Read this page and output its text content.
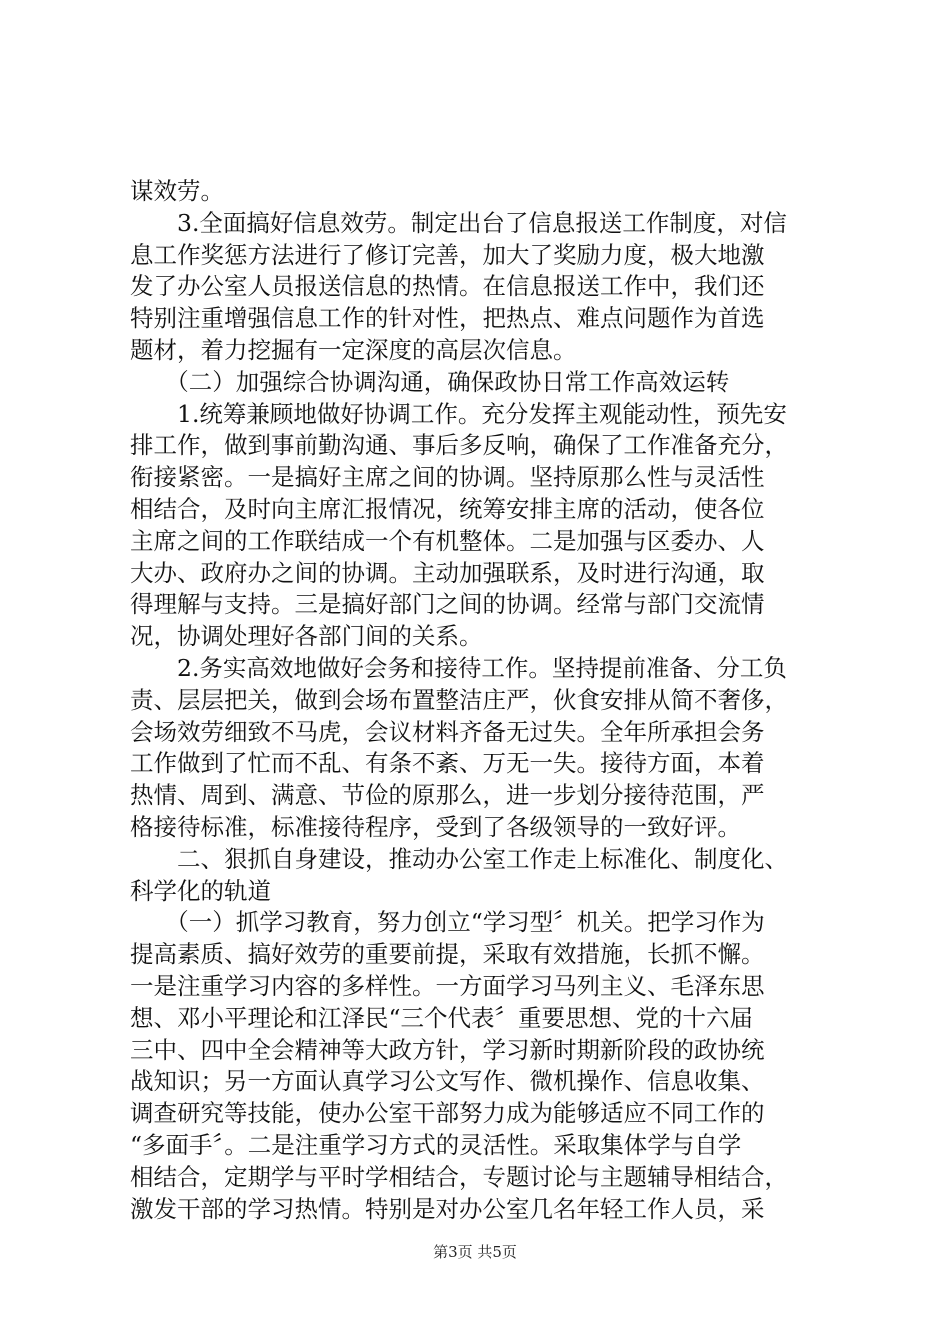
谋效劳。
　　3.全面搞好信息效劳。制定出台了信息报送工作制度，对信
息工作奖惩方法进行了修订完善，加大了奖励力度，极大地激
发了办公室人员报送信息的热情。在信息报送工作中，我们还
特别注重增强信息工作的针对性，把热点、难点问题作为首选
题材，着力挖掘有一定深度的高层次信息。
　　（二）加强综合协调沟通，确保政协日常工作高效运转
　　1.统筹兼顾地做好协调工作。充分发挥主观能动性，预先安
排工作，做到事前勤沟通、事后多反响，确保了工作准备充分，
衔接紧密。一是搞好主席之间的协调。坚持原那么性与灵活性
相结合，及时向主席汇报情况，统筹安排主席的活动，使各位
主席之间的工作联结成一个有机整体。二是加强与区委办、人
大办、政府办之间的协调。主动加强联系，及时进行沟通，取
得理解与支持。三是搞好部门之间的协调。经常与部门交流情
况，协调处理好各部门间的关系。
　　2.务实高效地做好会务和接待工作。坚持提前准备、分工负
责、层层把关，做到会场布置整洁庄严，伙食安排从简不奢侈，
会场效劳细致不马虎，会议材料齐备无过失。全年所承担会务
工作做到了忙而不乱、有条不紊、万无一失。接待方面，本着
热情、周到、满意、节俭的原那么，进一步划分接待范围，严
格接待标准，标准接待程序，受到了各级领导的一致好评。
　　二、狠抓自身建设，推动办公室工作走上标准化、制度化、
科学化的轨道
　　（一）抓学习教育，努力创立“学习型〞机关。把学习作为
提高素质、搞好效劳的重要前提，采取有效措施，长抓不懈。
一是注重学习内容的多样性。一方面学习马列主义、毛泽东思
想、邓小平理论和江泽民“三个代表〞重要思想、党的十六届
三中、四中全会精神等大政方针，学习新时期新阶段的政协统
战知识；另一方面认真学习公文写作、微机操作、信息收集、
调查研究等技能，使办公室干部努力成为能够适应不同工作的
“多面手〞。二是注重学习方式的灵活性。采取集体学与自学
相结合，定期学与平时学相结合，专题讨论与主题辅导相结合，
激发干部的学习热情。特别是对办公室几名年轻工作人员，采
第3页 共5页
